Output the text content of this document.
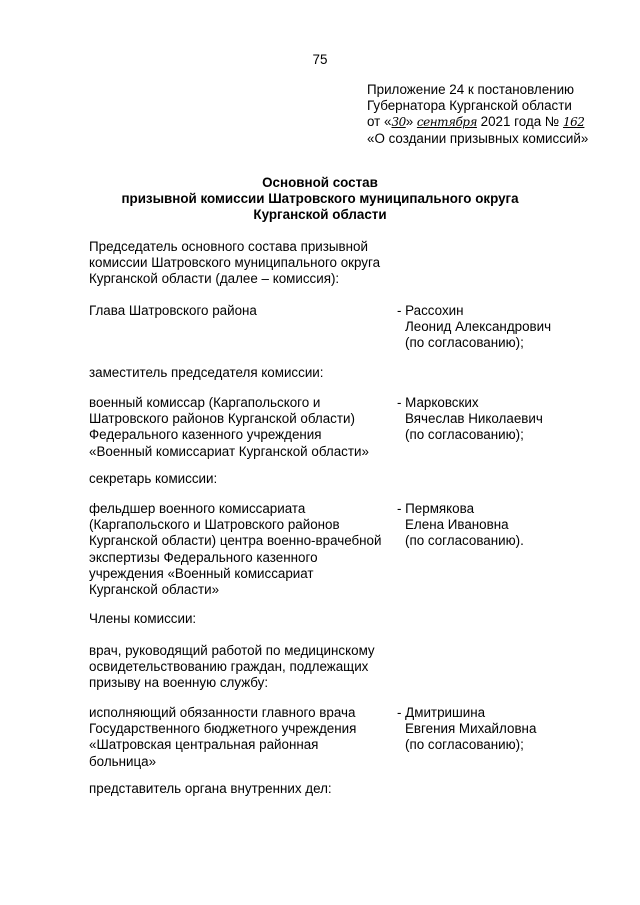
75
Приложение 24 к постановлению
Губернатора Курганской области
от «30» сентября 2021 года № 162
«О создании призывных комиссий»
Основной состав
призывной комиссии Шатровского муниципального округа
Курганской области
Председатель основного состава призывной
комиссии Шатровского муниципального округа
Курганской области (далее – комиссия):
Глава Шатровского района	- Рассохин
Леонид Александрович
(по согласованию);
заместитель председателя комиссии:
военный комиссар (Каргапольского и
Шатровского районов Курганской области)
Федерального казенного учреждения
«Военный комиссариат Курганской области»
- Марковских
Вячеслав Николаевич
(по согласованию);
секретарь комиссии:
фельдшер военного комиссариата
(Каргапольского и Шатровского районов
Курганской области) центра военно-врачебной
экспертизы Федерального казенного
учреждения «Военный комиссариат
Курганской области»
- Пермякова
Елена Ивановна
(по согласованию).
Члены комиссии:
врач, руководящий работой по медицинскому
освидетельствованию граждан, подлежащих
призыву на военную службу:
исполняющий обязанности главного врача
Государственного бюджетного учреждения
«Шатровская центральная районная
больница»
- Дмитришина
Евгения Михайловна
(по согласованию);
представитель органа внутренних дел:
